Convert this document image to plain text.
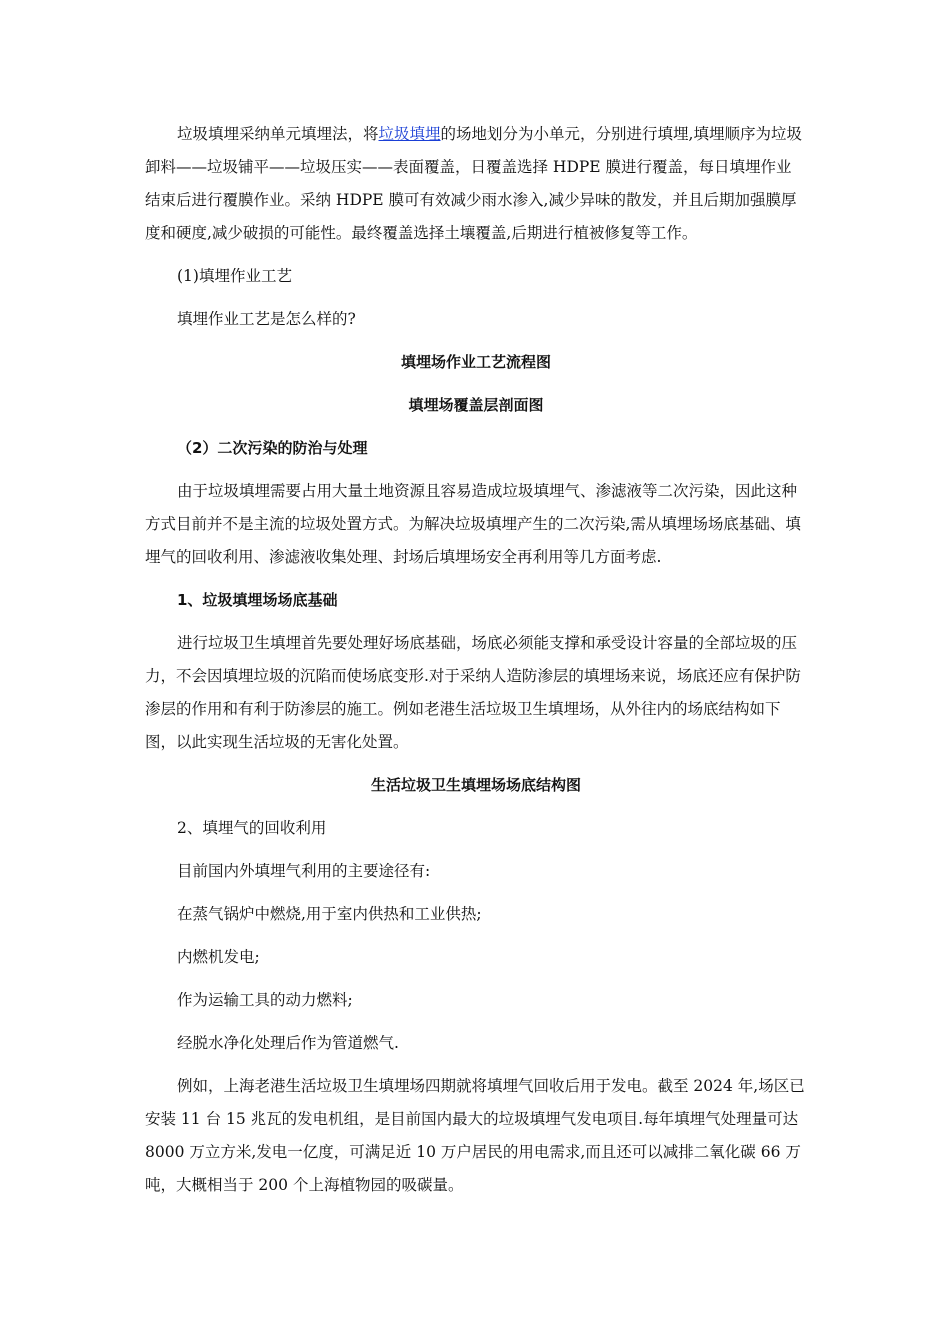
垃圾填埋采纳单元填埋法，将垃圾填埋的场地划分为小单元，分别进行填埋,填埋顺序为垃圾卸料——垃圾铺平——垃圾压实——表面覆盖，日覆盖选择 HDPE 膜进行覆盖，每日填埋作业结束后进行覆膜作业。采纳 HDPE 膜可有效减少雨水渗入,减少异味的散发，并且后期加强膜厚度和硬度,减少破损的可能性。最终覆盖选择土壤覆盖,后期进行植被修复等工作。

(1)填埋作业工艺

填埋作业工艺是怎么样的?

填埋场作业工艺流程图

填埋场覆盖层剖面图

（2）二次污染的防治与处理

由于垃圾填埋需要占用大量土地资源且容易造成垃圾填埋气、渗滤液等二次污染，因此这种方式目前并不是主流的垃圾处置方式。为解决垃圾填埋产生的二次污染,需从填埋场场底基础、填埋气的回收利用、渗滤液收集处理、封场后填埋场安全再利用等几方面考虑.

1、垃圾填埋场场底基础

进行垃圾卫生填埋首先要处理好场底基础，场底必须能支撑和承受设计容量的全部垃圾的压力，不会因填埋垃圾的沉陷而使场底变形.对于采纳人造防渗层的填埋场来说，场底还应有保护防渗层的作用和有利于防渗层的施工。例如老港生活垃圾卫生填埋场，从外往内的场底结构如下图，以此实现生活垃圾的无害化处置。

生活垃圾卫生填埋场场底结构图

2、填埋气的回收利用

目前国内外填埋气利用的主要途径有:

在蒸气锅炉中燃烧,用于室内供热和工业供热;

内燃机发电;

作为运输工具的动力燃料;

经脱水净化处理后作为管道燃气.

例如，上海老港生活垃圾卫生填埋场四期就将填埋气回收后用于发电。截至 2024 年,场区已安装 11 台 15 兆瓦的发电机组，是目前国内最大的垃圾填埋气发电项目.每年填埋气处理量可达 8000 万立方米,发电一亿度，可满足近 10 万户居民的用电需求,而且还可以减排二氧化碳 66 万吨，大概相当于 200 个上海植物园的吸碳量。
